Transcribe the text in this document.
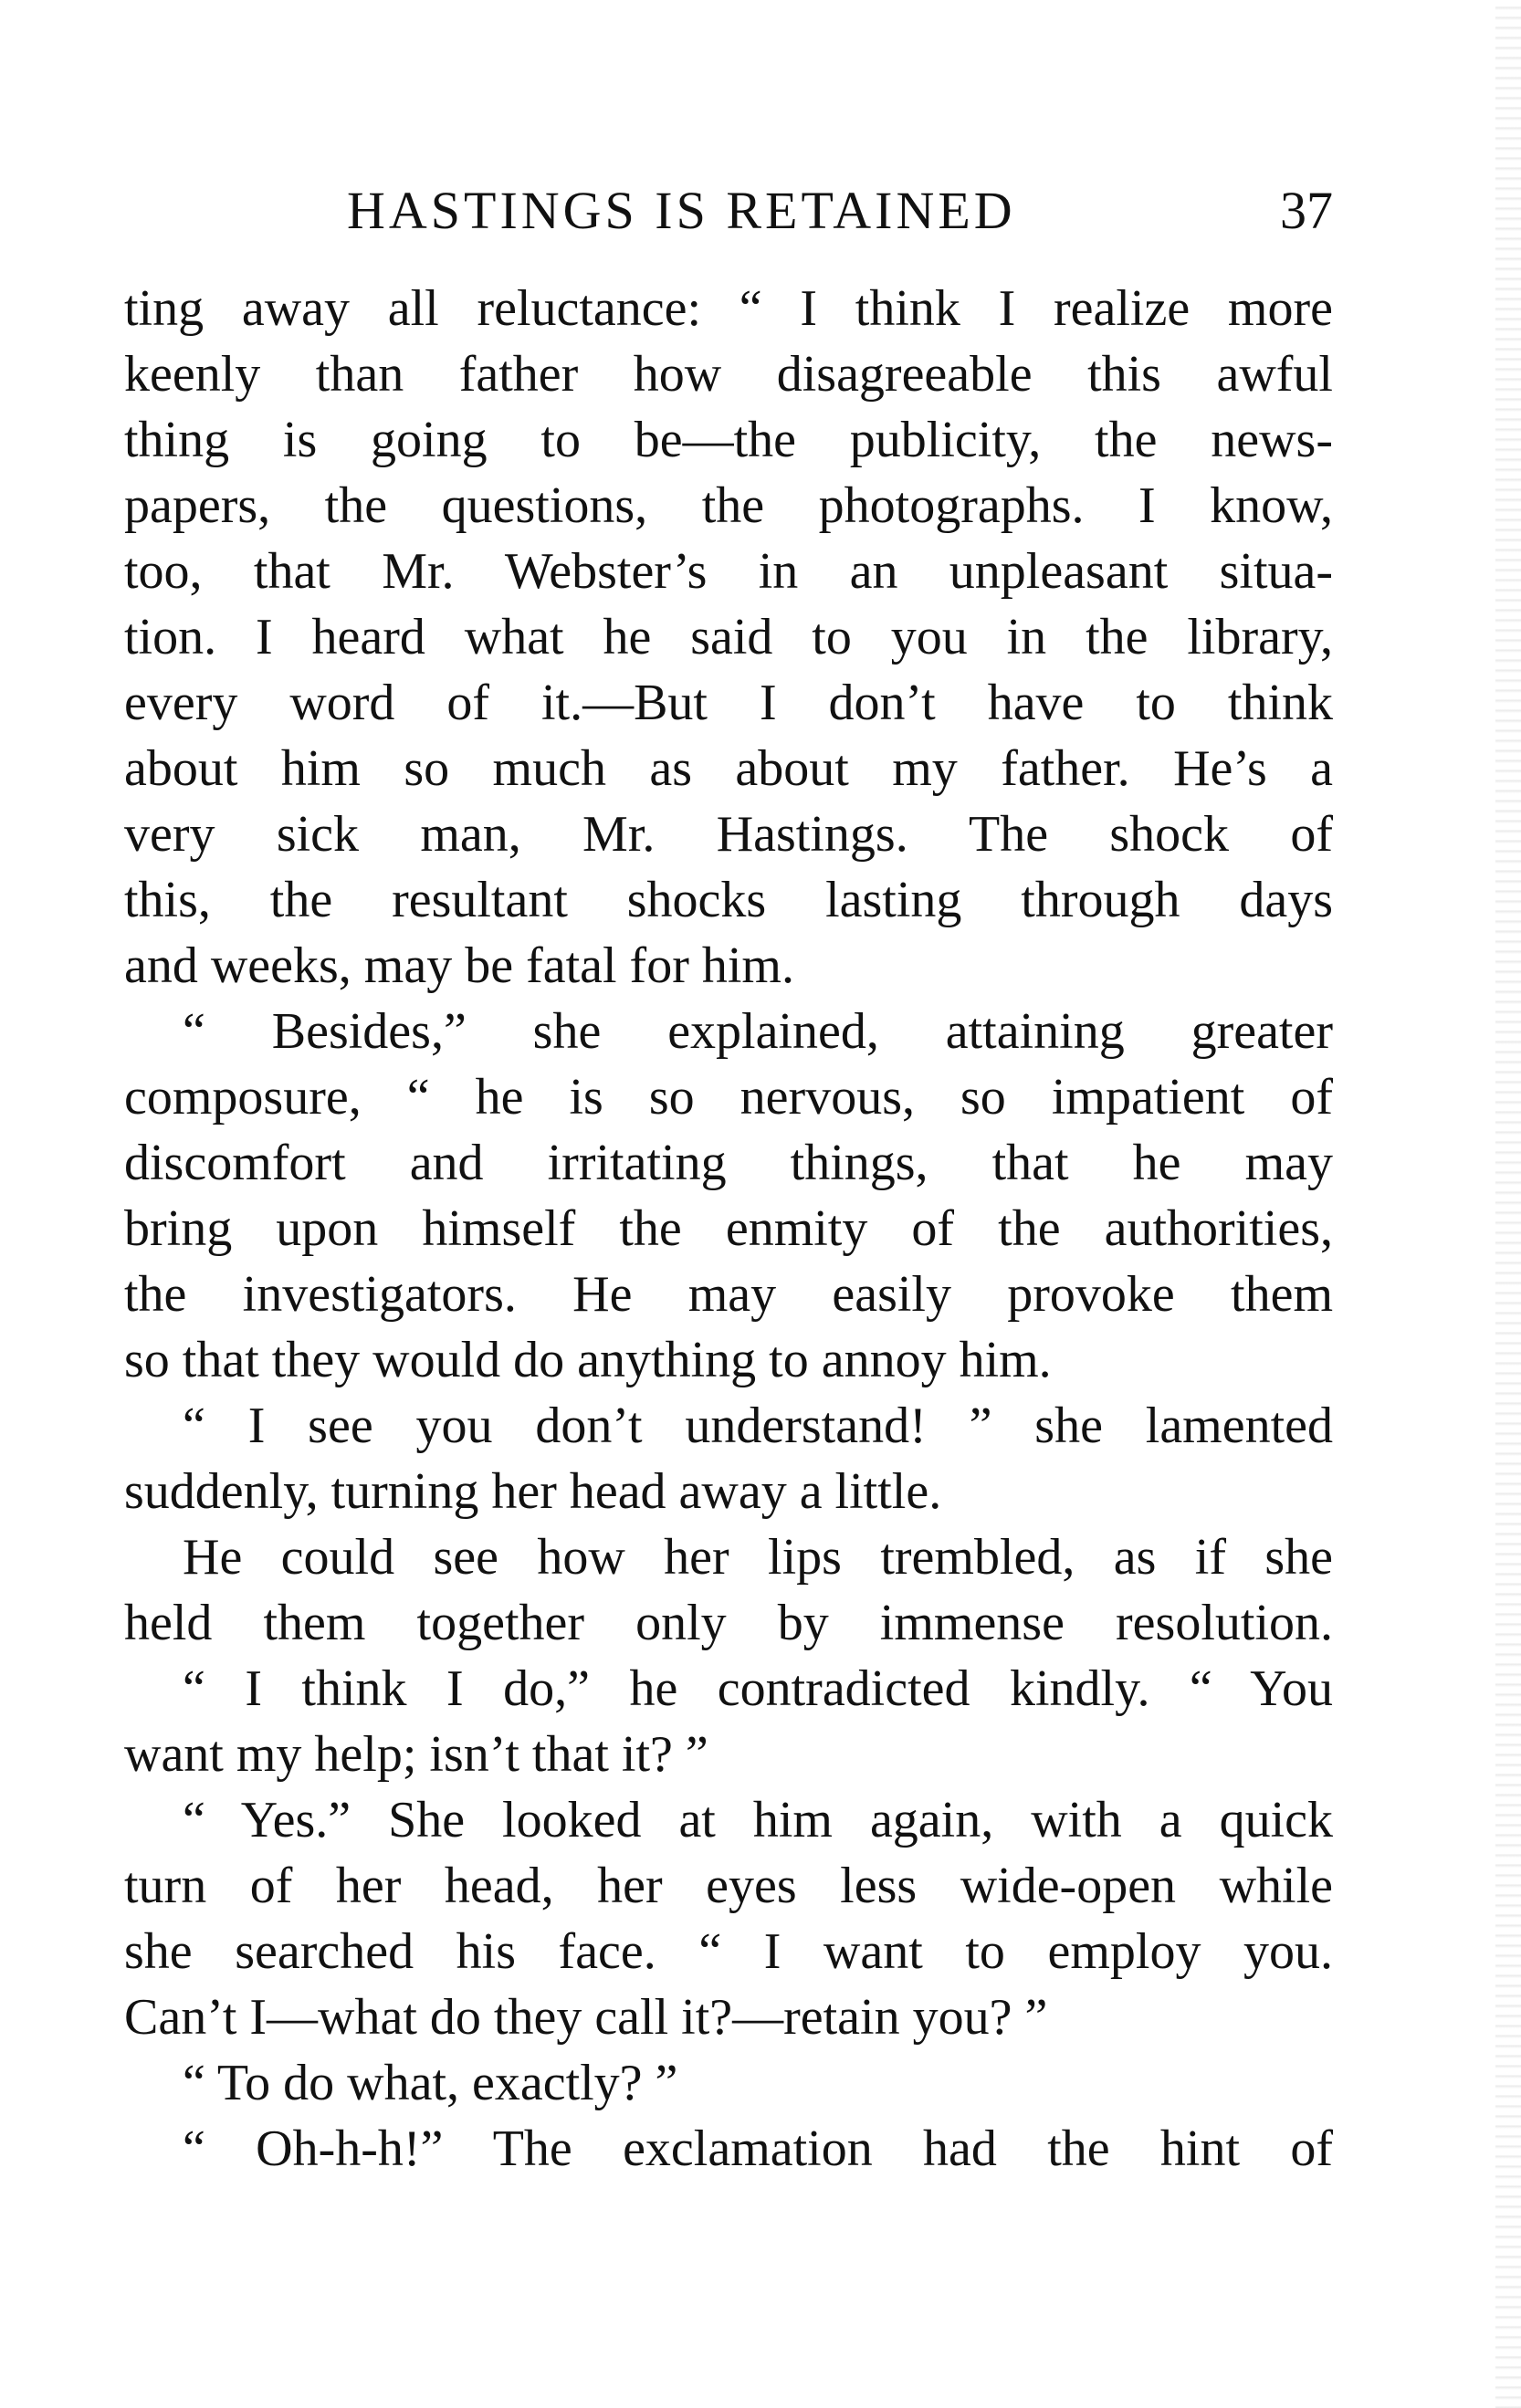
HASTINGS IS RETAINED	37
ting away all reluctance: “ I think I realize more
keenly than father how disagreeable this awful
thing is going to be—the publicity, the news-
papers, the questions, the photographs. I know,
too, that Mr. Webster’s in an unpleasant situa-
tion. I heard what he said to you in the library,
every word of it.—But I don’t have to think
about him so much as about my father. He’s a
very sick man, Mr. Hastings. The shock of
this, the resultant shocks lasting through days
and weeks, may be fatal for him.
“ Besides,” she explained, attaining greater
composure, “ he is so nervous, so impatient of
discomfort and irritating things, that he may
bring upon himself the enmity of the authorities,
the investigators. He may easily provoke them
so that they would do anything to annoy him.
“ I see you don’t understand! ” she lamented
suddenly, turning her head away a little.
He could see how her lips trembled, as if she
held them together only by immense resolution.
“ I think I do,” he contradicted kindly. “ You
want my help; isn’t that it? ”
“ Yes.” She looked at him again, with a quick
turn of her head, her eyes less wide-open while
she searched his face. “ I want to employ you.
Can’t I—what do they call it?—retain you? ”
“ To do what, exactly? ”
“ Oh-h-h!” The exclamation had the hint of
